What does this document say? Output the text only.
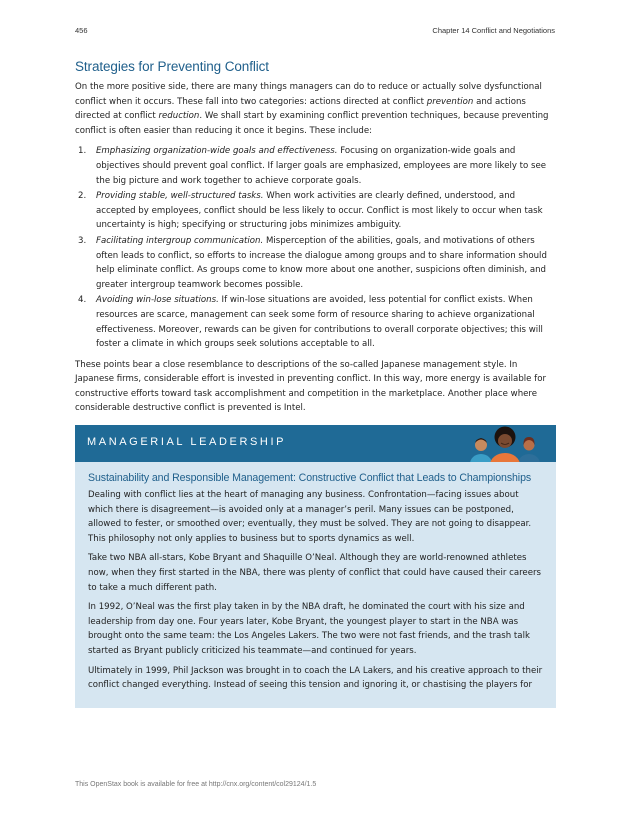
456	Chapter 14 Conflict and Negotiations
Strategies for Preventing Conflict

On the more positive side, there are many things managers can do to reduce or actually solve dysfunctional conflict when it occurs. These fall into two categories: actions directed at conflict prevention and actions directed at conflict reduction. We shall start by examining conflict prevention techniques, because preventing conflict is often easier than reducing it once it begins. These include:

1. Emphasizing organization-wide goals and effectiveness. Focusing on organization-wide goals and objectives should prevent goal conflict. If larger goals are emphasized, employees are more likely to see the big picture and work together to achieve corporate goals.
2. Providing stable, well-structured tasks. When work activities are clearly defined, understood, and accepted by employees, conflict should be less likely to occur. Conflict is most likely to occur when task uncertainty is high; specifying or structuring jobs minimizes ambiguity.
3. Facilitating intergroup communication. Misperception of the abilities, goals, and motivations of others often leads to conflict, so efforts to increase the dialogue among groups and to share information should help eliminate conflict. As groups come to know more about one another, suspicions often diminish, and greater intergroup teamwork becomes possible.
4. Avoiding win-lose situations. If win-lose situations are avoided, less potential for conflict exists. When resources are scarce, management can seek some form of resource sharing to achieve organizational effectiveness. Moreover, rewards can be given for contributions to overall corporate objectives; this will foster a climate in which groups seek solutions acceptable to all.

These points bear a close resemblance to descriptions of the so-called Japanese management style. In Japanese firms, considerable effort is invested in preventing conflict. In this way, more energy is available for constructive efforts toward task accomplishment and competition in the marketplace. Another place where considerable destructive conflict is prevented is Intel.

MANAGERIAL LEADERSHIP
Sustainability and Responsible Management: Constructive Conflict that Leads to Championships

Dealing with conflict lies at the heart of managing any business. Confrontation—facing issues about which there is disagreement—is avoided only at a manager’s peril. Many issues can be postponed, allowed to fester, or smoothed over; eventually, they must be solved. They are not going to disappear. This philosophy not only applies to business but to sports dynamics as well.

Take two NBA all-stars, Kobe Bryant and Shaquille O’Neal. Although they are world-renowned athletes now, when they first started in the NBA, there was plenty of conflict that could have caused their careers to take a much different path.

In 1992, O’Neal was the first play taken in by the NBA draft, he dominated the court with his size and leadership from day one. Four years later, Kobe Bryant, the youngest player to start in the NBA was brought onto the same team: the Los Angeles Lakers. The two were not fast friends, and the trash talk started as Bryant publicly criticized his teammate—and continued for years.

Ultimately in 1999, Phil Jackson was brought in to coach the LA Lakers, and his creative approach to their conflict changed everything. Instead of seeing this tension and ignoring it, or chastising the players for

This OpenStax book is available for free at http://cnx.org/content/col29124/1.5
